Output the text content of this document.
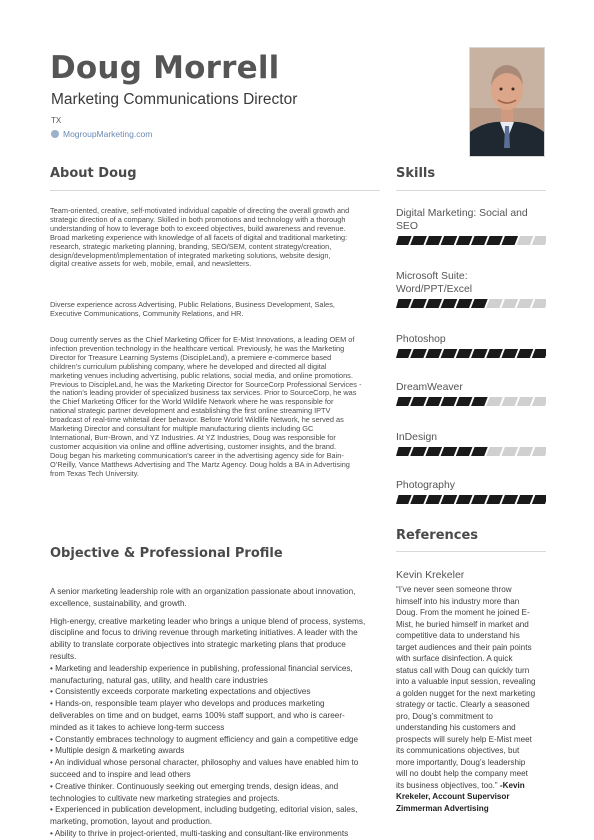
Doug Morrell
Marketing Communications Director
TX
MogroupMarketing.com
About Doug

Team-oriented, creative, self-motivated individual capable of directing the overall growth and
strategic direction of a company. Skilled in both promotions and technology with a thorough
understanding of how to leverage both to exceed objectives, build awareness and revenue.
Broad marketing experience with knowledge of all facets of digital and traditional marketing:
research, strategic marketing planning, branding, SEO/SEM, content strategy/creation,
design/development/implementation of integrated marketing solutions, website design,
digital creative assets for web, mobile, email, and newsletters.

Diverse experience across Advertising, Public Relations, Business Development, Sales,
Executive Communications, Community Relations, and HR.

Doug currently serves as the Chief Marketing Officer for E-Mist Innovations, a leading OEM of
infection prevention technology in the healthcare vertical. Previously, he was the Marketing
Director for Treasure Learning Systems (DiscipleLand), a premiere e-commerce based
children’s curriculum publishing company, where he developed and directed all digital
marketing venues including advertising, public relations, social media, and online promotions.
Previous to DiscipleLand, he was the Marketing Director for SourceCorp Professional Services -
the nation’s leading provider of specialized business tax services. Prior to SourceCorp, he was
the Chief Marketing Officer for the World Wildlife Network where he was responsible for
national strategic partner development and establishing the first online streaming IPTV
broadcast of real-time whitetail deer behavior. Before World Wildlife Network, he served as
Marketing Director and consultant for multiple manufacturing clients including GC
International, Burr-Brown, and YZ Industries. At YZ Industries, Doug was responsible for
customer acquisition via online and offline advertising, customer insights, and the brand.
Doug began his marketing communication’s career in the advertising agency side for Bain-
O’Reilly, Vance Matthews Advertising and The Martz Agency. Doug holds a BA in Advertising
from Texas Tech University.

Objective & Professional Profile

A senior marketing leadership role with an organization passionate about innovation,
excellence, sustainability, and growth.

High-energy, creative marketing leader who brings a unique blend of process, systems,
discipline and focus to driving revenue through marketing initiatives. A leader with the
ability to translate corporate objectives into strategic marketing plans that produce
results.
• Marketing and leadership experience in publishing, professional financial services,
manufacturing, natural gas, utility, and health care industries
• Consistently exceeds corporate marketing expectations and objectives
• Hands-on, responsible team player who develops and produces marketing
deliverables on time and on budget, earns 100% staff support, and who is career-
minded as it takes to achieve long-term success
• Constantly embraces technology to augment efficiency and gain a competitive edge
• Multiple design & marketing awards
• An individual whose personal character, philosophy and values have enabled him to
succeed and to inspire and lead others
• Creative thinker. Continuously seeking out emerging trends, design ideas, and
technologies to cultivate new marketing strategies and projects.
• Experienced in publication development, including budgeting, editorial vision, sales,
marketing, promotion, layout and production.
• Ability to thrive in project-oriented, multi-tasking and consultant-like environments

Skills
Digital Marketing: Social and
SEO
Microsoft Suite:
Word/PPT/Excel
Photoshop
DreamWeaver
InDesign
Photography
References
Kevin Krekeler

“I’ve never seen someone throw
himself into his industry more than
Doug. From the moment he joined E-
Mist, he buried himself in market and
competitive data to understand his
target audiences and their pain points
with surface disinfection. A quick
status call with Doug can quickly turn
into a valuable input session, revealing
a golden nugget for the next marketing
strategy or tactic. Clearly a seasoned
pro, Doug’s commitment to
understanding his customers and
prospects will surely help E-Mist meet
its communications objectives, but
more importantly, Doug’s leadership
will no doubt help the company meet
its business objectives, too.” -Kevin
Krekeler, Account Supervisor
Zimmerman Advertising
